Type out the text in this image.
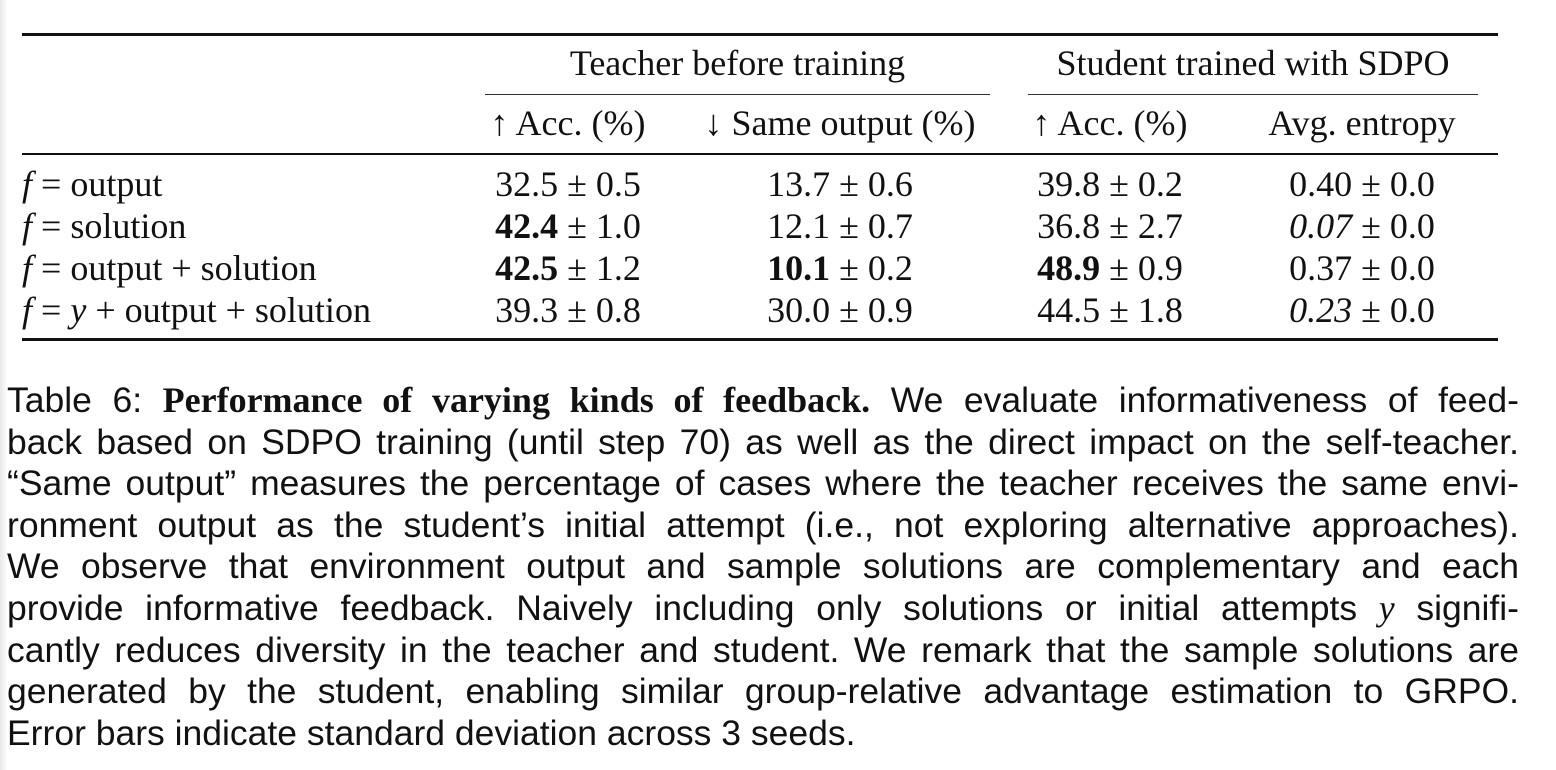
Teacher before training	Student trained with SDPO
↑ Acc. (%)	↓ Same output (%)	↑ Acc. (%)	Avg. entropy
f = output	32.5 ± 0.5	13.7 ± 0.6	39.8 ± 0.2	0.40 ± 0.0
f = solution	42.4 ± 1.0	12.1 ± 0.7	36.8 ± 2.7	0.07 ± 0.0
f = output + solution	42.5 ± 1.2	10.1 ± 0.2	48.9 ± 0.9	0.37 ± 0.0
f = y + output + solution	39.3 ± 0.8	30.0 ± 0.9	44.5 ± 1.8	0.23 ± 0.0
Table 6: Performance of varying kinds of feedback. We evaluate informativeness of feed-
back based on SDPO training (until step 70) as well as the direct impact on the self-teacher.
“Same output” measures the percentage of cases where the teacher receives the same envi-
ronment output as the student’s initial attempt (i.e., not exploring alternative approaches).
We observe that environment output and sample solutions are complementary and each
provide informative feedback. Naively including only solutions or initial attempts y signifi-
cantly reduces diversity in the teacher and student. We remark that the sample solutions are
generated by the student, enabling similar group-relative advantage estimation to GRPO.
Error bars indicate standard deviation across 3 seeds.
